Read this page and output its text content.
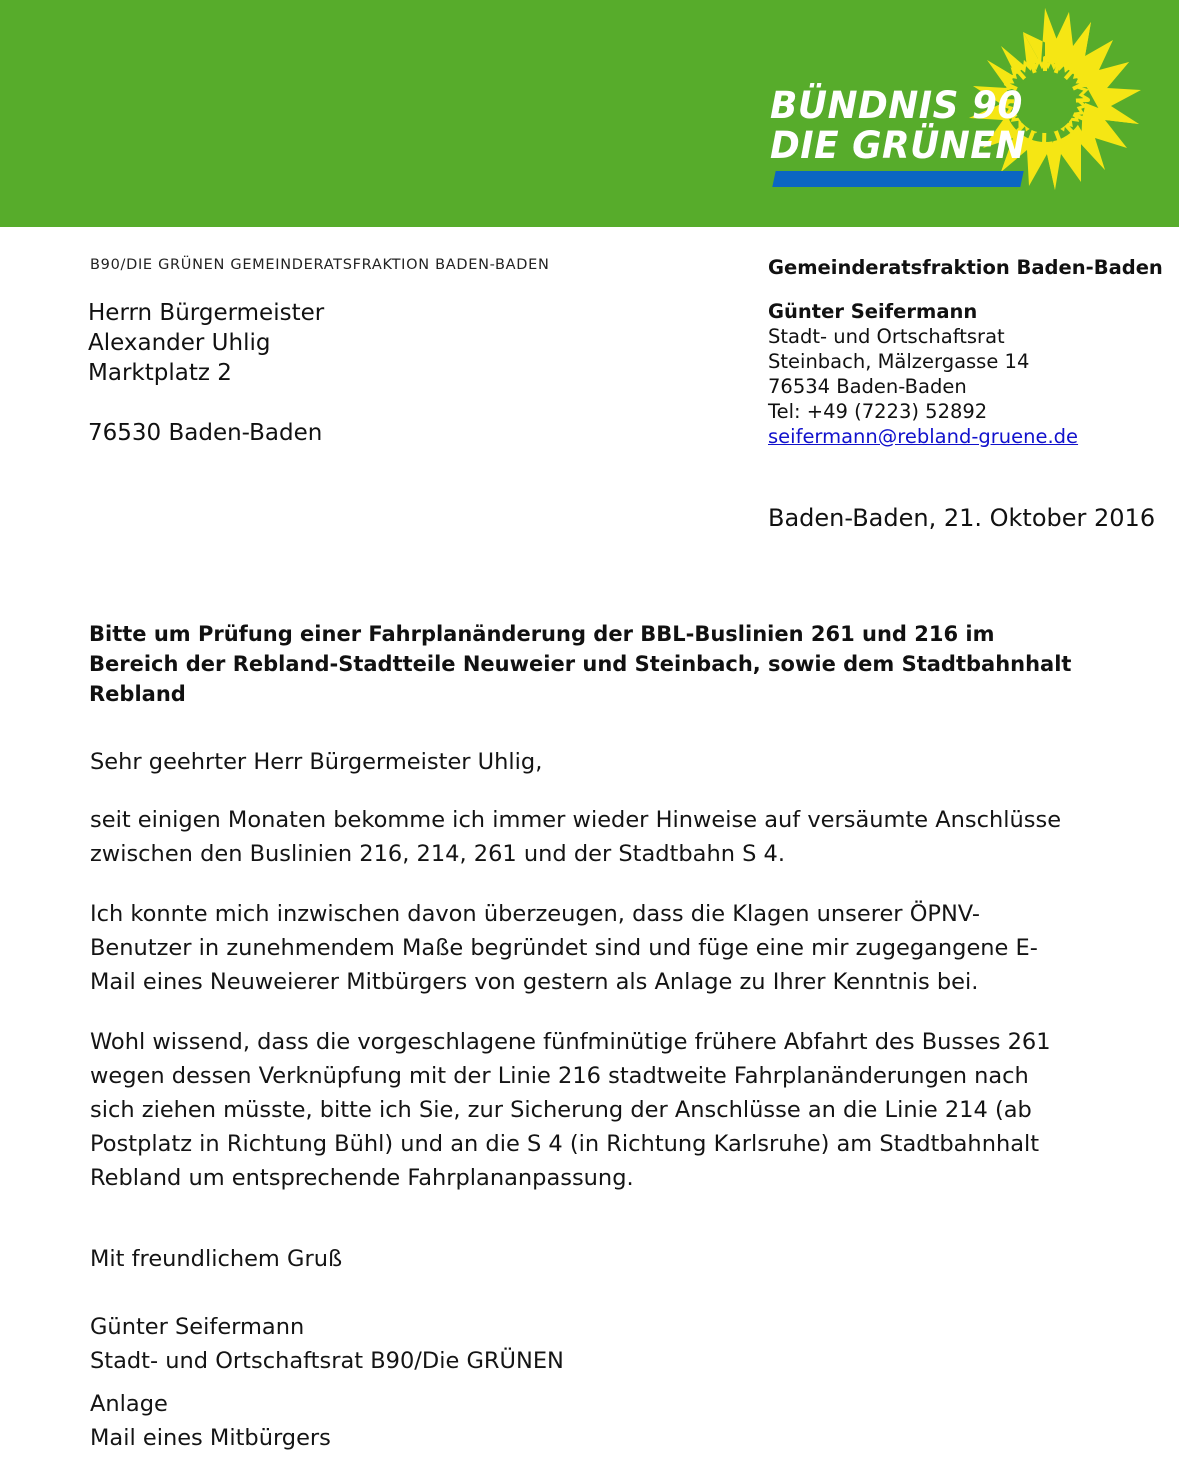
BÜNDNIS 90
DIE GRÜNEN
B90/DIE GRÜNEN GEMEINDERATSFRAKTION BADEN-BADEN
Herrn Bürgermeister
Alexander Uhlig
Marktplatz 2
76530 Baden-Baden
Gemeinderatsfraktion Baden-Baden
Günter Seifermann
Stadt- und Ortschaftsrat
Steinbach, Mälzergasse 14
76534 Baden-Baden
Tel: +49 (7223) 52892
seifermann@rebland-gruene.de
Baden-Baden, 21. Oktober 2016
Bitte um Prüfung einer Fahrplanänderung der BBL-Buslinien 261 und 216 im Bereich der Rebland-Stadtteile Neuweier und Steinbach, sowie dem Stadtbahnhalt Rebland

Sehr geehrter Herr Bürgermeister Uhlig,

seit einigen Monaten bekomme ich immer wieder Hinweise auf versäumte Anschlüsse zwischen den Buslinien 216, 214, 261 und der Stadtbahn S 4.

Ich konnte mich inzwischen davon überzeugen, dass die Klagen unserer ÖPNV-Benutzer in zunehmendem Maße begründet sind und füge eine mir zugegangene E-Mail eines Neuweierer Mitbürgers von gestern als Anlage zu Ihrer Kenntnis bei.

Wohl wissend, dass die vorgeschlagene fünfminütige frühere Abfahrt des Busses 261 wegen dessen Verknüpfung mit der Linie 216 stadtweite Fahrplanänderungen nach sich ziehen müsste, bitte ich Sie, zur Sicherung der Anschlüsse an die Linie 214 (ab Postplatz in Richtung Bühl) und an die S 4 (in Richtung Karlsruhe) am Stadtbahnhalt Rebland um entsprechende Fahrplananpassung.

Mit freundlichem Gruß
Günter Seifermann
Stadt- und Ortschaftsrat B90/Die GRÜNEN
Anlage
Mail eines Mitbürgers
